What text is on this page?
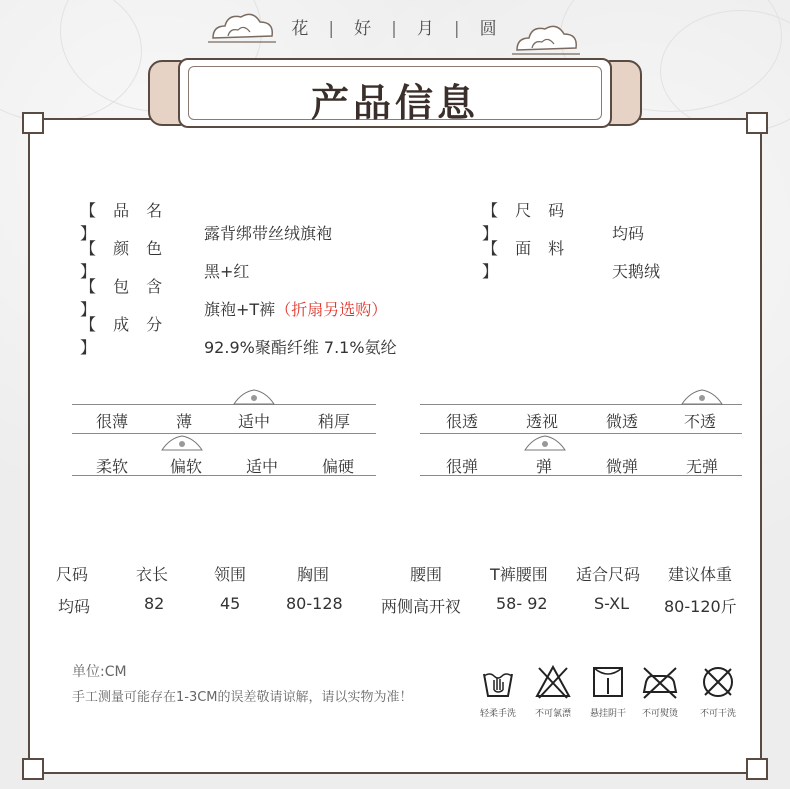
花 | 好 | 月 | 圆
产品信息
【 品 名 】	露背绑带丝绒旗袍
【 尺 码 】	均码
【 颜 色 】	黑+红
【 面 料 】	天鹅绒
【 包 含 】	旗袍+T裤（折扇另选购）
【 成 分 】	92.9%聚酯纤维 7.1%氨纶
很薄	薄	适中	稍厚
柔软	偏软	适中	偏硬
很透	透视	微透	不透
很弹	弹	微弹	无弹
尺码	衣长	领围	胸围	腰围	T裤腰围 适合尺码 建议体重
均码	82	45	80-128 两侧高开衩 58- 92	S-XL 80-120斤
单位:CM
手工测量可能存在1-3CM的误差敬请谅解，请以实物为准！
轻柔手洗	不可氯漂	悬挂阴干	不可熨烫	不可干洗
